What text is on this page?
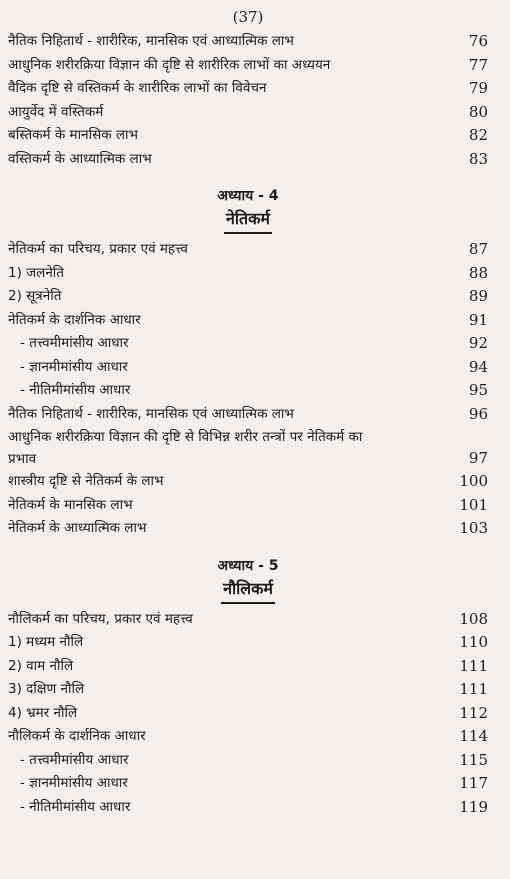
(37)
नैतिक निहितार्थ - शारीरिक, मानसिक एवं आध्यात्मिक लाभ	76
आधुनिक शरीरक्रिया विज्ञान की दृष्टि से शारीरिक लाभों का अध्ययन	77
वैदिक दृष्टि से वस्तिकर्म के शारीरिक लाभों का विवेचन	79
आयुर्वेद में वस्तिकर्म	80
बस्तिकर्म के मानसिक लाभ	82
वस्तिकर्म के आध्यात्मिक लाभ	83
अध्याय - 4
नेतिकर्म
नेतिकर्म का परिचय, प्रकार एवं महत्त्व	87
1) जलनेति	88
2) सूत्रनेति	89
नेतिकर्म के दार्शनिक आधार	91
- तत्त्वमीमांसीय आधार	92
- ज्ञानमीमांसीय आधार	94
- नीतिमीमांसीय आधार	95
नैतिक निहितार्थ - शारीरिक, मानसिक एवं आध्यात्मिक लाभ	96
आधुनिक शरीरक्रिया विज्ञान की दृष्टि से विभिन्न शरीर तन्त्रों पर नेतिकर्म का प्रभाव	97
शास्त्रीय दृष्टि से नेतिकर्म के लाभ	100
नेतिकर्म के मानसिक लाभ	101
नेतिकर्म के आध्यात्मिक लाभ	103
अध्याय - 5
नौलिकर्म
नौलिकर्म का परिचय, प्रकार एवं महत्त्व	108
1) मध्यम नौलि	110
2) वाम नौलि	111
3) दक्षिण नौलि	111
4) भ्रमर नौलि	112
नौलिकर्म के दार्शनिक आधार	114
- तत्त्वमीमांसीय आधार	115
- ज्ञानमीमांसीय आधार	117
- नीतिमीमांसीय आधार	119
